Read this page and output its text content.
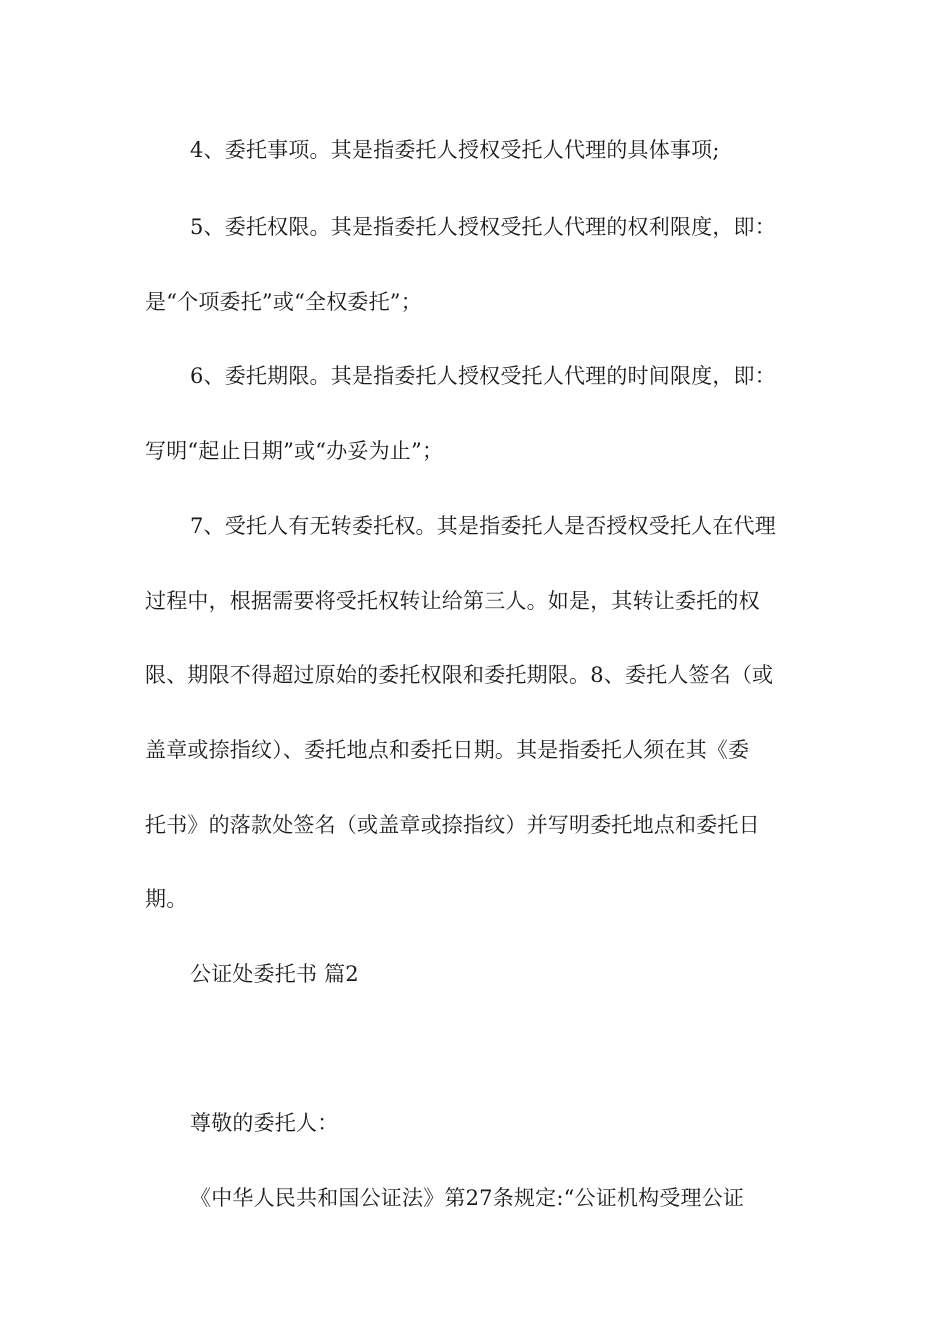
4、委托事项。其是指委托人授权受托人代理的具体事项;
5、委托权限。其是指委托人授权受托人代理的权利限度，即：
是“个项委托”或“全权委托”；
6、委托期限。其是指委托人授权受托人代理的时间限度，即：
写明“起止日期”或“办妥为止”；
7、受托人有无转委托权。其是指委托人是否授权受托人在代理
过程中，根据需要将受托权转让给第三人。如是，其转让委托的权
限、期限不得超过原始的委托权限和委托期限。8、委托人签名（或
盖章或捺指纹）、委托地点和委托日期。其是指委托人须在其《委
托书》的落款处签名（或盖章或捺指纹）并写明委托地点和委托日
期。
公证处委托书 篇2
尊敬的委托人：
《中华人民共和国公证法》第27条规定:“公证机构受理公证
